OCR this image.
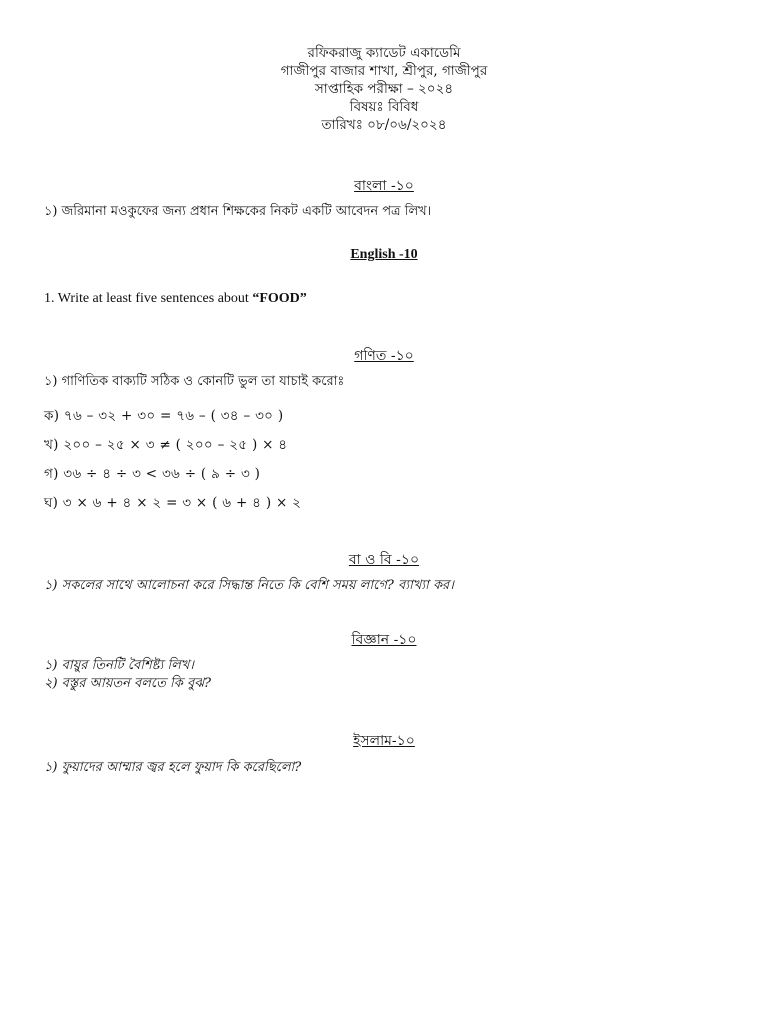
রফিকরাজু ক্যাডেট একাডেমি
গাজীপুর বাজার শাখা, শ্রীপুর, গাজীপুর
সাপ্তাহিক পরীক্ষা – ২০২৪
বিষয়ঃ বিবিধ
তারিখঃ ০৮/০৬/২০২৪
বাংলা -১০
১) জরিমানা মওকুফের জন্য প্রধান শিক্ষকের নিকট একটি আবেদন পত্র লিখ।
English -10
1. Write at least five sentences about “FOOD”
গণিত -১০
১) গাণিতিক বাক্যটি সঠিক ও কোনটি ভুল তা যাচাই করোঃ
ক) ৭৬ – ৩২ + ৩০ = ৭৬ – ( ৩৪ – ৩০ )
খ) ২০০ – ২৫ × ৩ ≠ ( ২০০ – ২৫ ) × ৪
গ) ৩৬ ÷ ৪ ÷ ৩ < ৩৬ ÷ ( ৯ ÷ ৩ )
ঘ) ৩ × ৬ + ৪ × ২ = ৩ × ( ৬ + ৪ ) × ২
বা ও বি -১০
১) সকলের সাথে আলোচনা করে সিদ্ধান্ত নিতে কি বেশি সময় লাগে? ব্যাখ্যা কর।
বিজ্ঞান -১০
১) বায়ুর তিনটি বৈশিষ্ট্য লিখ।
২) বস্তুর আয়তন বলতে কি বুঝ?
ইসলাম-১০
১) ফুয়াদের আম্মার জ্বর হলে ফুয়াদ কি করেছিলো?
